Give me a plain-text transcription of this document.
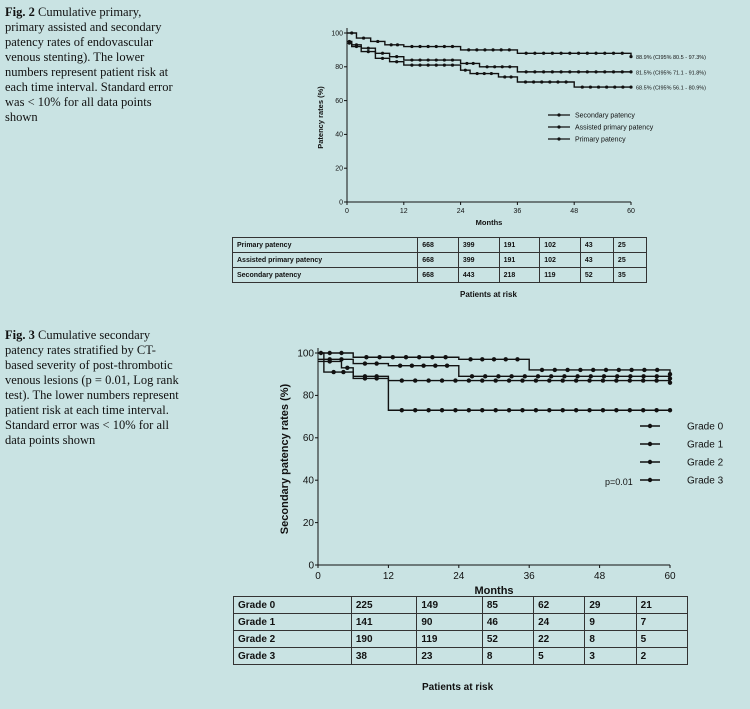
Fig. 2 Cumulative primary, primary assisted and secondary patency rates of endovascular venous stenting). The lower numbers represent patient risk at each time interval. Standard error was < 10% for all data points shown
Fig. 3 Cumulative secondary patency rates stratified by CT-based severity of post-thrombotic venous lesions (p = 0.01, Log rank test). The lower numbers represent patient risk at each time interval. Standard error was < 10% for all data points shown
0	12	24	36	48	60
0
20
40
60
80
100
Months
Patency rates (%)
88.9% (CI95% 80.5 - 97.3%)
81.5% (CI95% 71.1 - 91.8%)
68.5% (CI95% 56.1 - 80.9%)
Secondary patency
Assisted primary patency
Primary patency
0	12	24	36	48	60
0
20
40
60
80
100
Months
Secondary patency rates (%)	Grade 0
Grade 1
Grade 2
Grade 3
p=0.01
Primary patency	668	399	191	102	43	25
Assisted primary patency	668	399	191	102	43	25
Secondary patency	668	443	218	119	52	35
Patients at risk
Grade 0	225	149	85	62	29	21
Grade 1	141	90	46	24	9	7
Grade 2	190	119	52	22	8	5
Grade 3	38	23	8	5	3	2
Patients at risk
